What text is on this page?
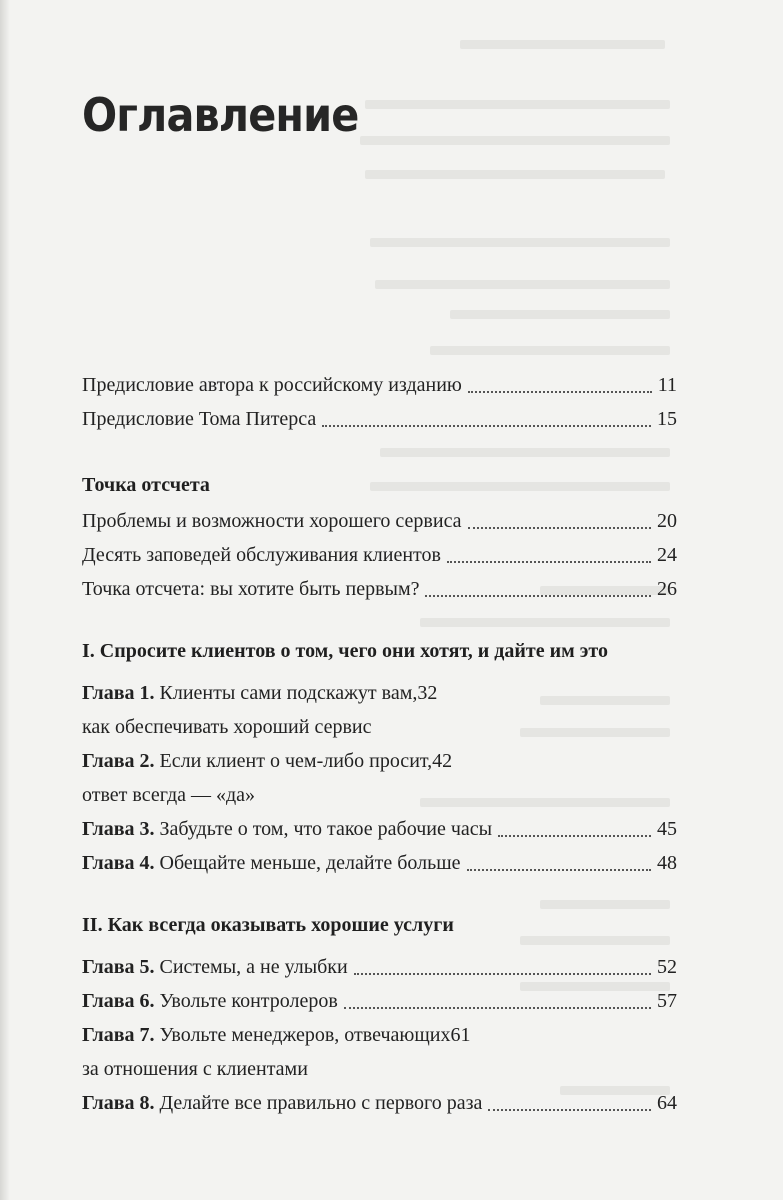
Оглавление
Предисловие автора к российскому изданию	11
Предисловие Тома Питерса	15
Точка отсчета
Проблемы и возможности хорошего сервиса	20
Десять заповедей обслуживания клиентов	24
Точка отсчета: вы хотите быть первым?	26
I. Спросите клиентов о том, чего они хотят, и дайте им это
Глава 1. Клиенты сами подскажут вам, 32
как обеспечивать хороший сервис
Глава 2. Если клиент о чем-либо просит, 42
ответ всегда — «да»
Глава 3. Забудьте о том, что такое рабочие часы	45
Глава 4. Обещайте меньше, делайте больше	48
II. Как всегда оказывать хорошие услуги
Глава 5. Системы, а не улыбки	52
Глава 6. Увольте контролеров	57
Глава 7. Увольте менеджеров, отвечающих 61
за отношения с клиентами
Глава 8. Делайте все правильно с первого раза	64
